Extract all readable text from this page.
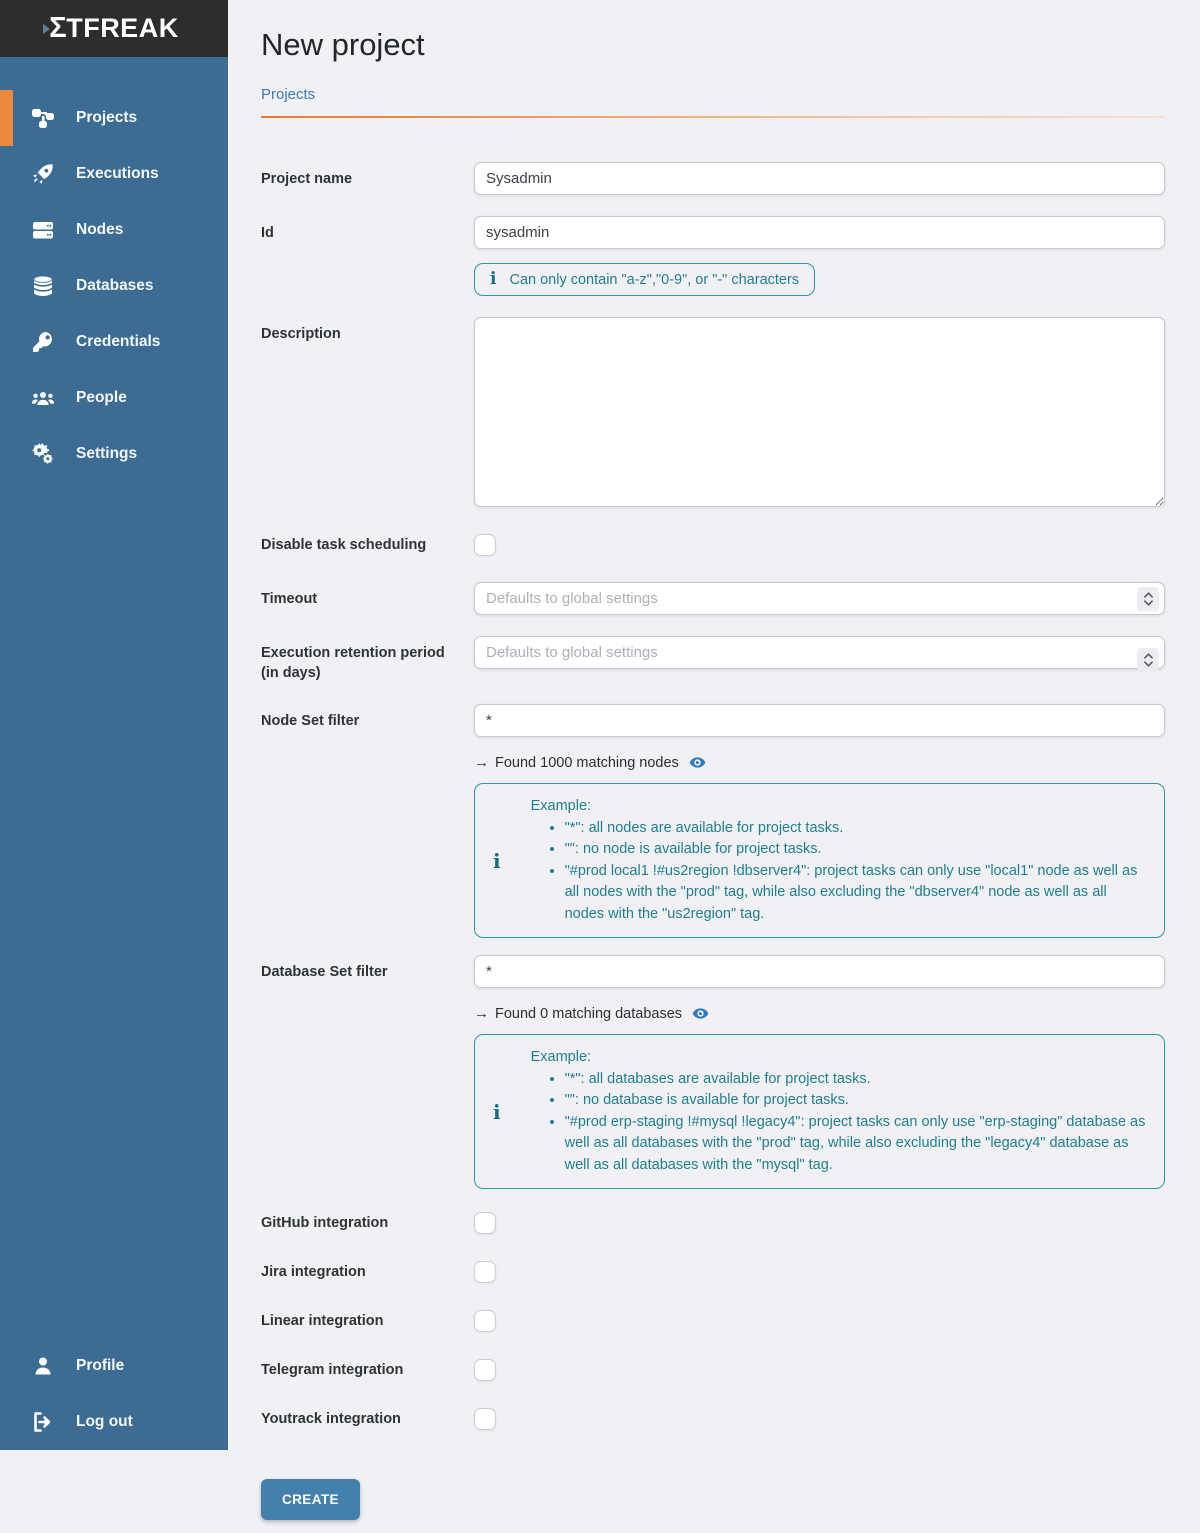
Σ TFREAK
Projects
Executions
Nodes
Databases
Credentials
People
Settings
Profile
Log out
New project
Projects
Project name
Sysadmin
Id
sysadmin
i Can only contain "a-z","0-9", or "-" characters
Description
Disable task scheduling
Timeout
Defaults to global settings
Execution retention period (in days)
Defaults to global settings
Node Set filter
*
→ Found 1000 matching nodes
i
Example:
• "*": all nodes are available for project tasks.
• "": no node is available for project tasks.
• "#prod local1 !#us2region !dbserver4": project tasks can only use "local1" node as well as all nodes with the "prod" tag, while also excluding the "dbserver4" node as well as all nodes with the "us2region" tag.
Database Set filter
*
→ Found 0 matching databases
i
Example:
• "*": all databases are available for project tasks.
• "": no database is available for project tasks.
• "#prod erp-staging !#mysql !legacy4": project tasks can only use "erp-staging" database as well as all databases with the "prod" tag, while also excluding the "legacy4" database as well as all databases with the "mysql" tag.
GitHub integration
Jira integration
Linear integration
Telegram integration
Youtrack integration
CREATE
